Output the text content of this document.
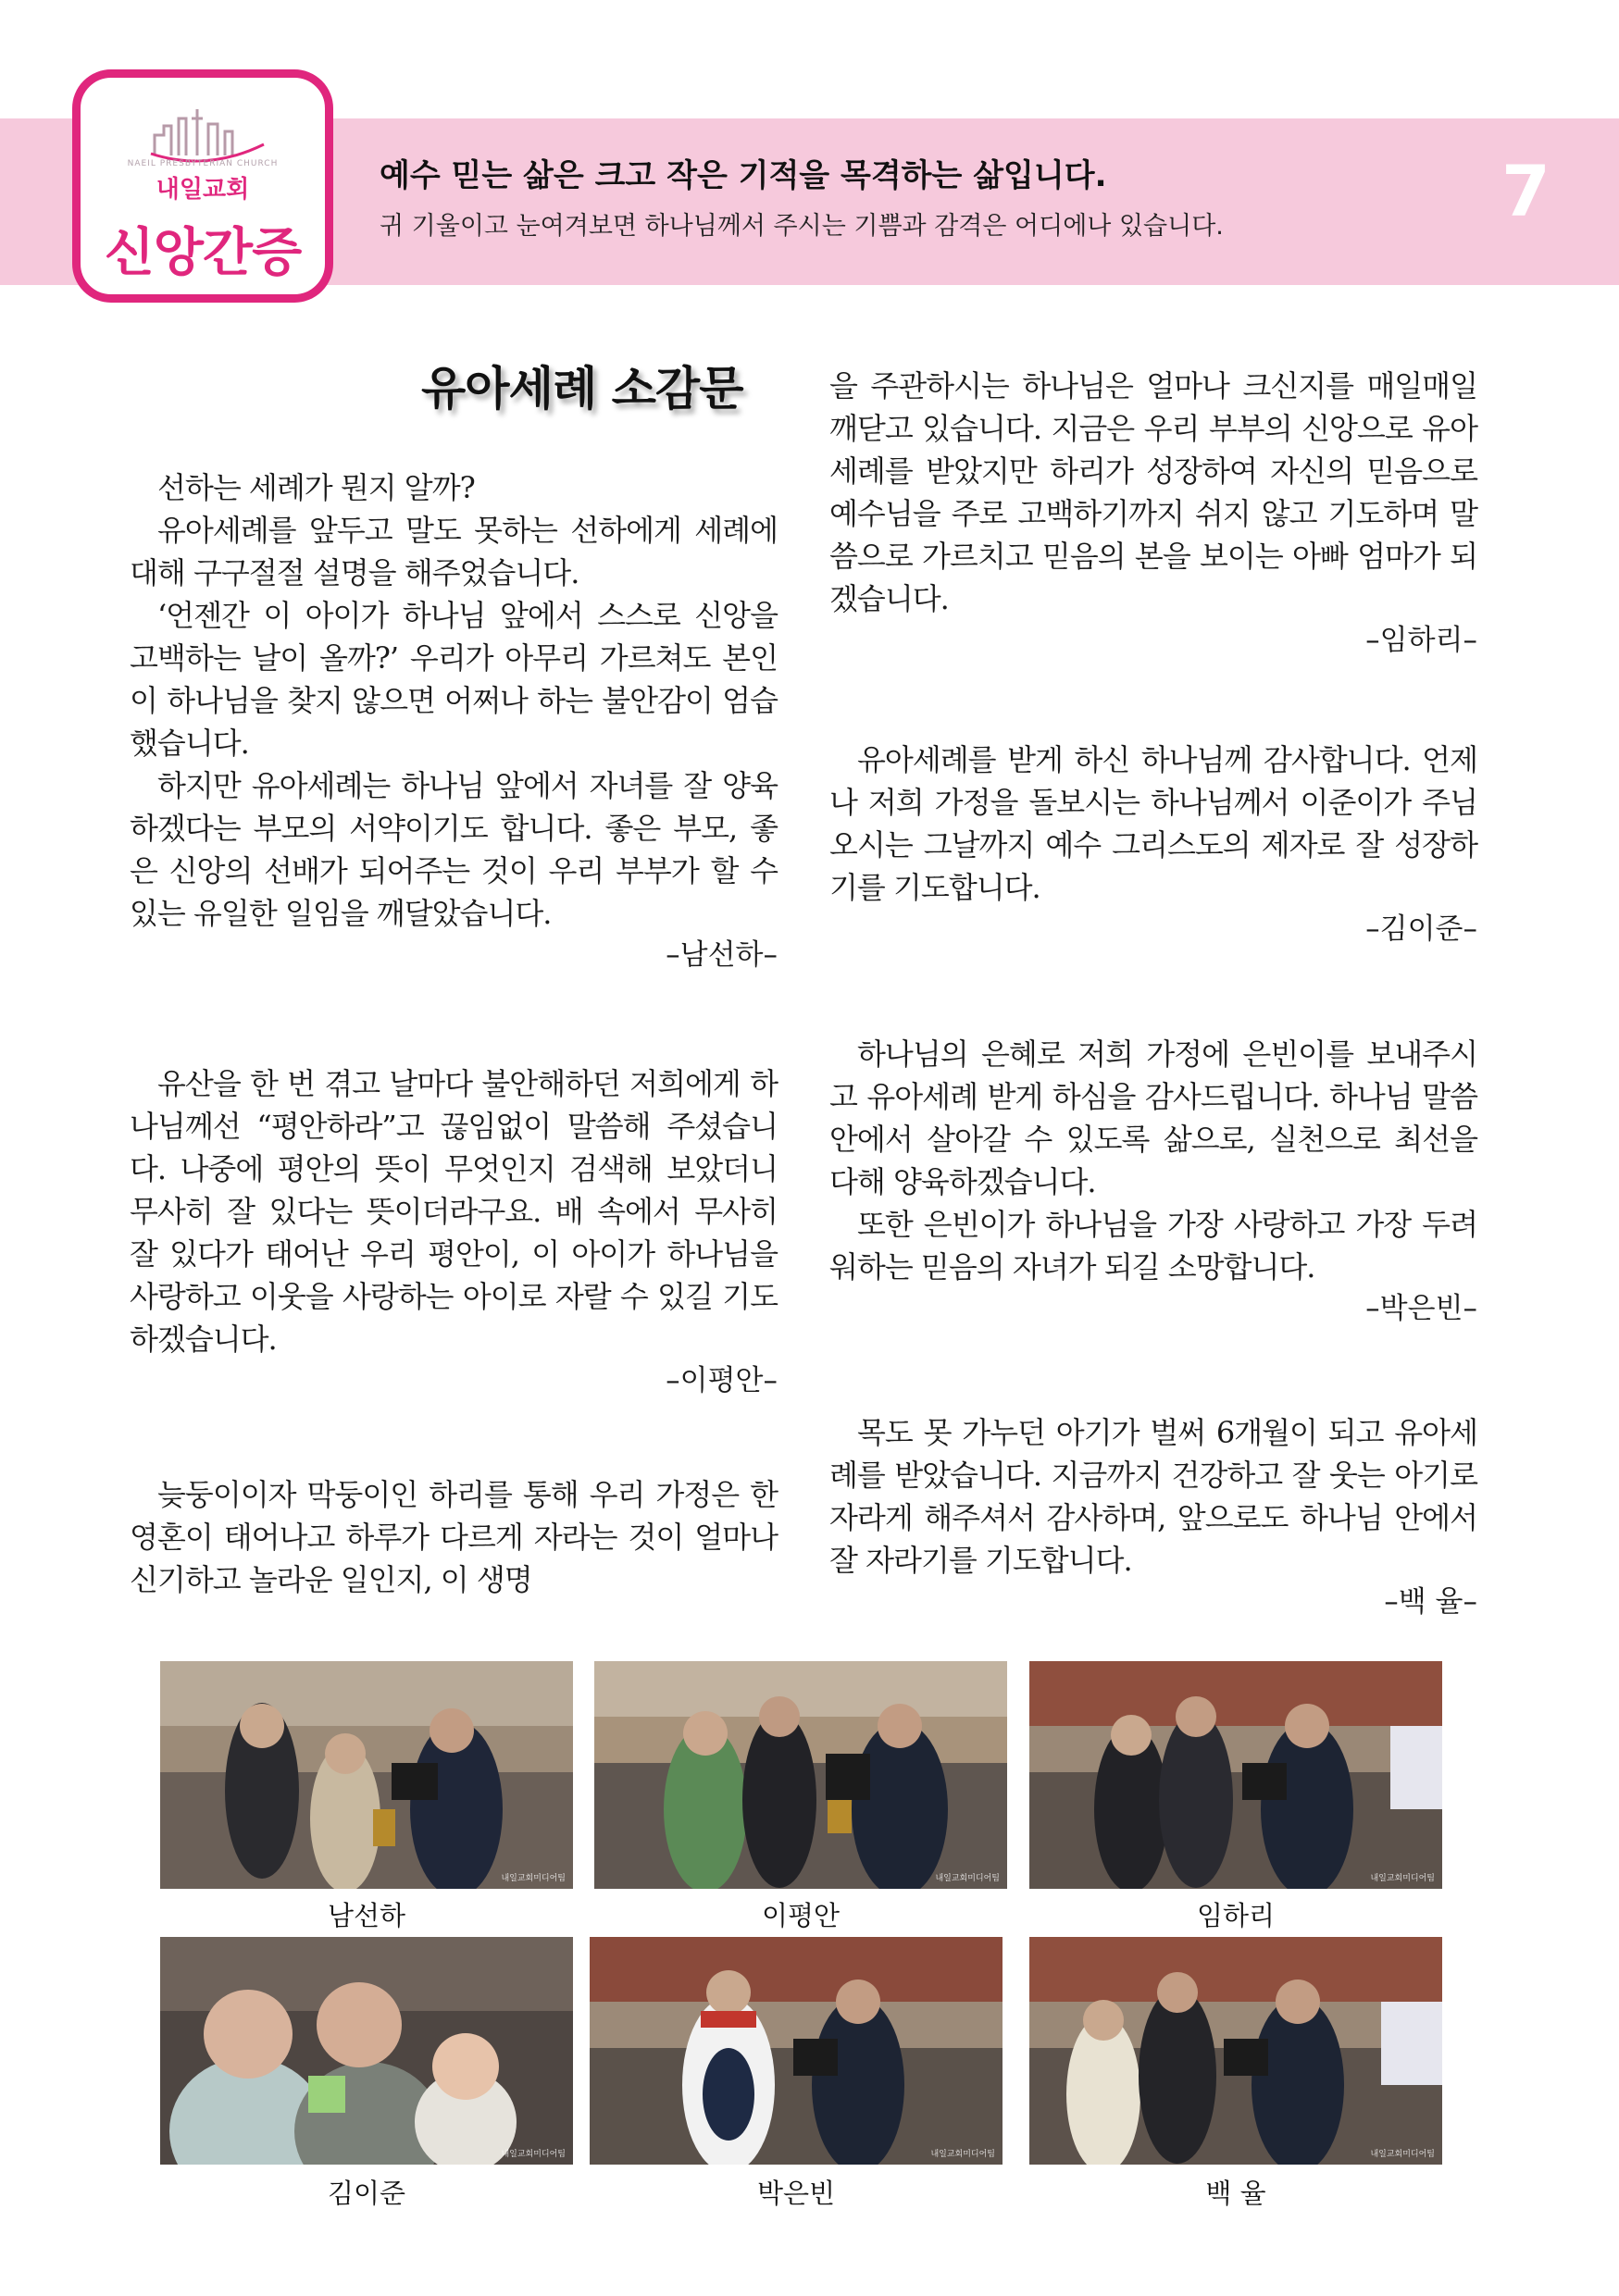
NAEIL PRESBYTERIAN CHURCH
내일교회
신앙간증
예수 믿는 삶은 크고 작은 기적을 목격하는 삶입니다.
귀 기울이고 눈여겨보면 하나님께서 주시는 기쁨과 감격은 어디에나 있습니다.	7
유아세례 소감문

선하는 세례가 뭔지 알까?

유아세례를 앞두고 말도 못하는 선하에게 세례에 대해 구구절절 설명을 해주었습니다.

‘언젠간 이 아이가 하나님 앞에서 스스로 신앙을 고백하는 날이 올까?’ 우리가 아무리 가르쳐도 본인이 하나님을 찾지 않으면 어쩌나 하는 불안감이 엄습했습니다.

하지만 유아세례는 하나님 앞에서 자녀를 잘 양육하겠다는 부모의 서약이기도 합니다. 좋은 부모, 좋은 신앙의 선배가 되어주는 것이 우리 부부가 할 수 있는 유일한 일임을 깨달았습니다.

–남선하–

유산을 한 번 겪고 날마다 불안해하던 저희에게 하나님께선 “평안하라”고 끊임없이 말씀해 주셨습니다. 나중에 평안의 뜻이 무엇인지 검색해 보았더니 무사히 잘 있다는 뜻이더라구요. 배 속에서 무사히 잘 있다가 태어난 우리 평안이, 이 아이가 하나님을 사랑하고 이웃을 사랑하는 아이로 자랄 수 있길 기도하겠습니다.

–이평안–

늦둥이이자 막둥이인 하리를 통해 우리 가정은 한 영혼이 태어나고 하루가 다르게 자라는 것이 얼마나 신기하고 놀라운 일인지, 이 생명

을 주관하시는 하나님은 얼마나 크신지를 매일매일 깨닫고 있습니다. 지금은 우리 부부의 신앙으로 유아세례를 받았지만 하리가 성장하여 자신의 믿음으로 예수님을 주로 고백하기까지 쉬지 않고 기도하며 말씀으로 가르치고 믿음의 본을 보이는 아빠 엄마가 되겠습니다.

–임하리–

유아세례를 받게 하신 하나님께 감사합니다. 언제나 저희 가정을 돌보시는 하나님께서 이준이가 주님 오시는 그날까지 예수 그리스도의 제자로 잘 성장하기를 기도합니다.

–김이준–

하나님의 은혜로 저희 가정에 은빈이를 보내주시고 유아세례 받게 하심을 감사드립니다. 하나님 말씀 안에서 살아갈 수 있도록 삶으로, 실천으로 최선을 다해 양육하겠습니다.

또한 은빈이가 하나님을 가장 사랑하고 가장 두려워하는 믿음의 자녀가 되길 소망합니다.

–박은빈–

목도 못 가누던 아기가 벌써 6개월이 되고 유아세례를 받았습니다. 지금까지 건강하고 잘 웃는 아기로 자라게 해주셔서 감사하며, 앞으로도 하나님 안에서 잘 자라기를 기도합니다.

–백 율–

내일교회미디어팀
남선하
내일교회미디어팀
이평안
내일교회미디어팀
임하리
내일교회미디어팀
김이준
내일교회미디어팀
박은빈
내일교회미디어팀
백 율
